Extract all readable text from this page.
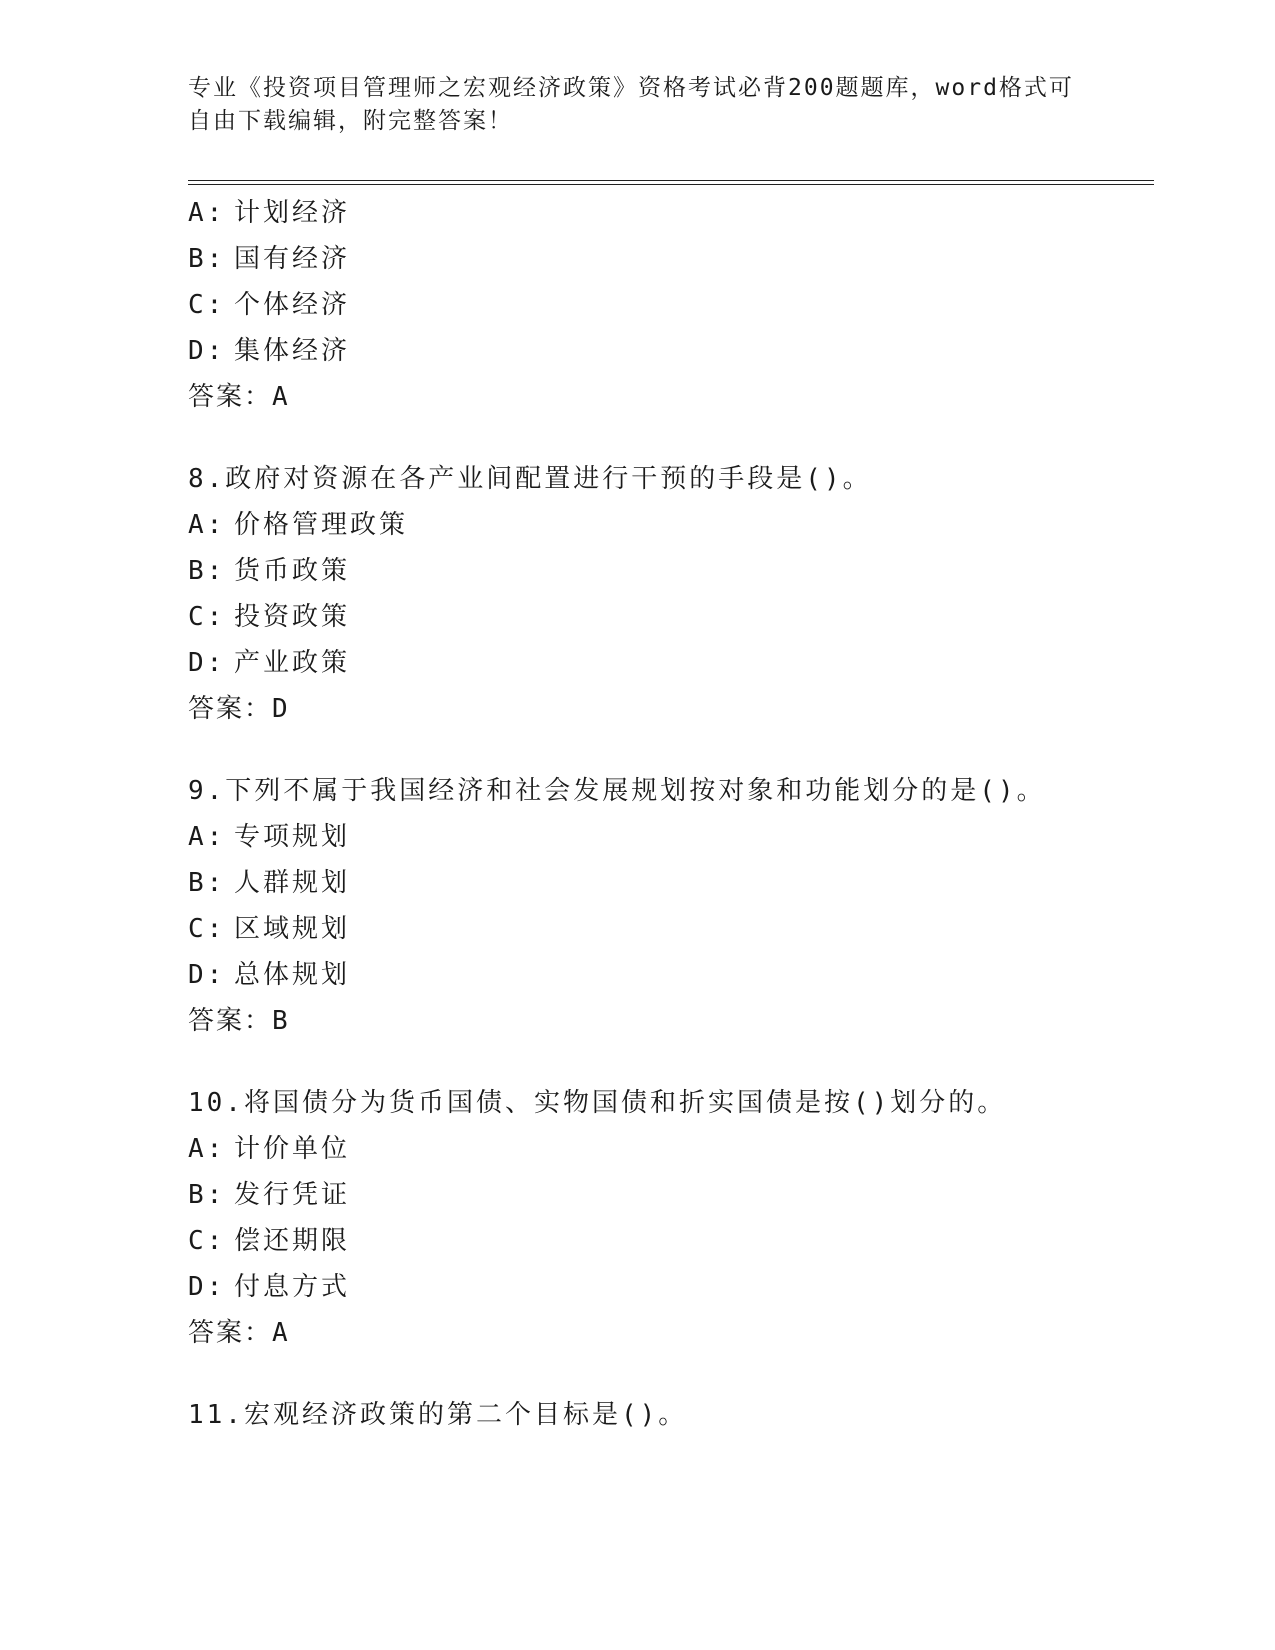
专业《投资项目管理师之宏观经济政策》资格考试必背200题题库，word格式可
自由下载编辑，附完整答案！
A: 计划经济
B: 国有经济
C: 个体经济
D: 集体经济
答案：A
8.政府对资源在各产业间配置进行干预的手段是()。
A: 价格管理政策
B: 货币政策
C: 投资政策
D: 产业政策
答案：D
9.下列不属于我国经济和社会发展规划按对象和功能划分的是()。
A: 专项规划
B: 人群规划
C: 区域规划
D: 总体规划
答案：B
10.将国债分为货币国债、实物国债和折实国债是按()划分的。
A: 计价单位
B: 发行凭证
C: 偿还期限
D: 付息方式
答案：A
11.宏观经济政策的第二个目标是()。
